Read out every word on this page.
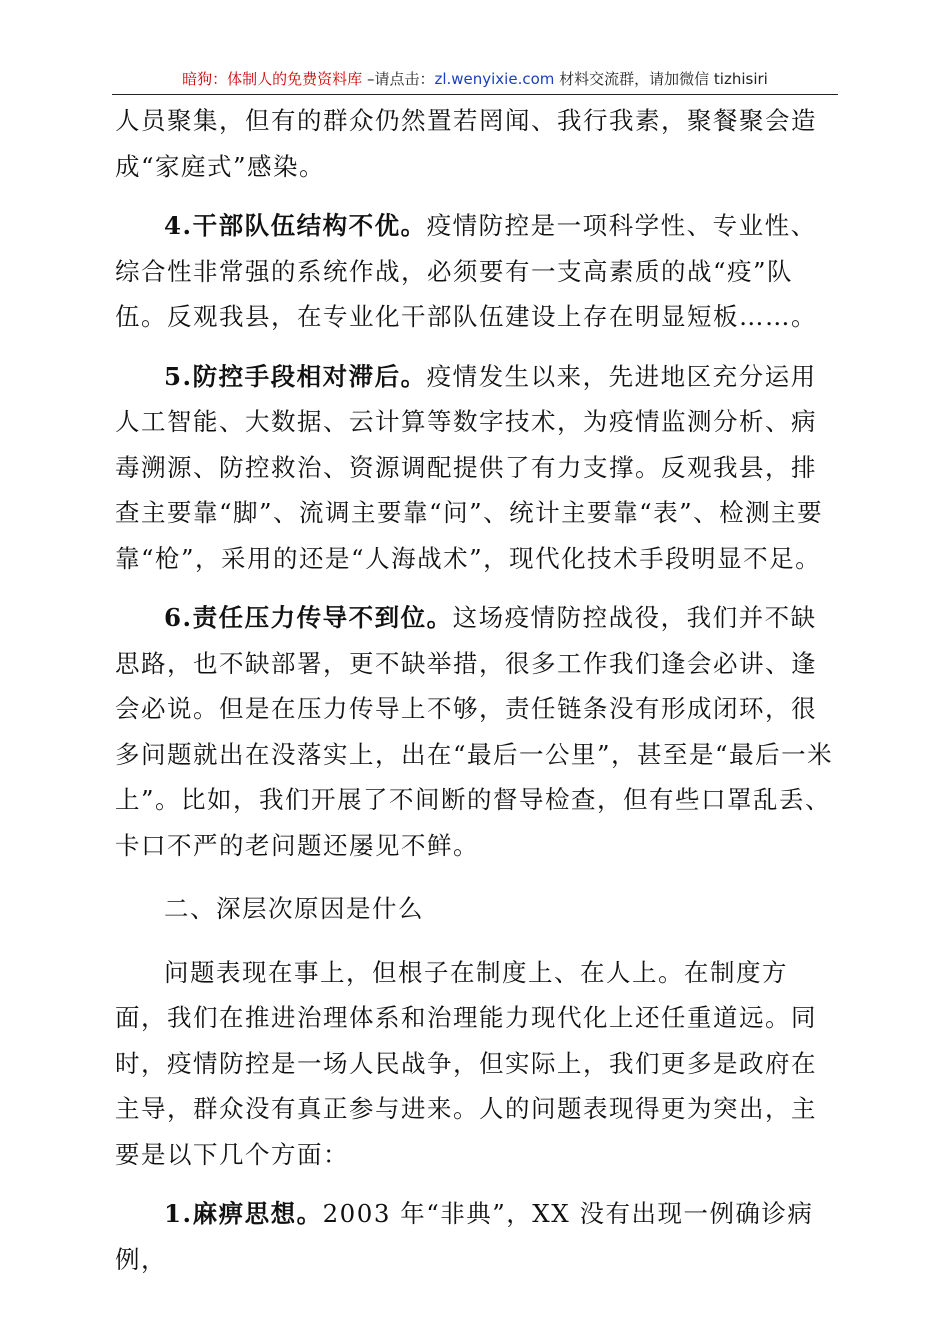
暗狗：体制人的免费资料库 –请点击：zl.wenyixie.com 材料交流群，请加微信 tizhisiri

人员聚集，但有的群众仍然置若罔闻、我行我素，聚餐聚会造成“家庭式”感染。

4.干部队伍结构不优。疫情防控是一项科学性、专业性、综合性非常强的系统作战，必须要有一支高素质的战“疫”队伍。反观我县，在专业化干部队伍建设上存在明显短板……。

5.防控手段相对滞后。疫情发生以来，先进地区充分运用人工智能、大数据、云计算等数字技术，为疫情监测分析、病毒溯源、防控救治、资源调配提供了有力支撑。反观我县，排查主要靠“脚”、流调主要靠“问”、统计主要靠“表”、检测主要靠“枪”，采用的还是“人海战术”，现代化技术手段明显不足。

6.责任压力传导不到位。这场疫情防控战役，我们并不缺思路，也不缺部署，更不缺举措，很多工作我们逢会必讲、逢会必说。但是在压力传导上不够，责任链条没有形成闭环，很多问题就出在没落实上，出在“最后一公里”，甚至是“最后一米上”。比如，我们开展了不间断的督导检查，但有些口罩乱丢、卡口不严的老问题还屡见不鲜。

二、深层次原因是什么

问题表现在事上，但根子在制度上、在人上。在制度方面，我们在推进治理体系和治理能力现代化上还任重道远。同时，疫情防控是一场人民战争，但实际上，我们更多是政府在主导，群众没有真正参与进来。人的问题表现得更为突出，主要是以下几个方面：

1.麻痹思想。2003 年“非典”，XX 没有出现一例确诊病例，
